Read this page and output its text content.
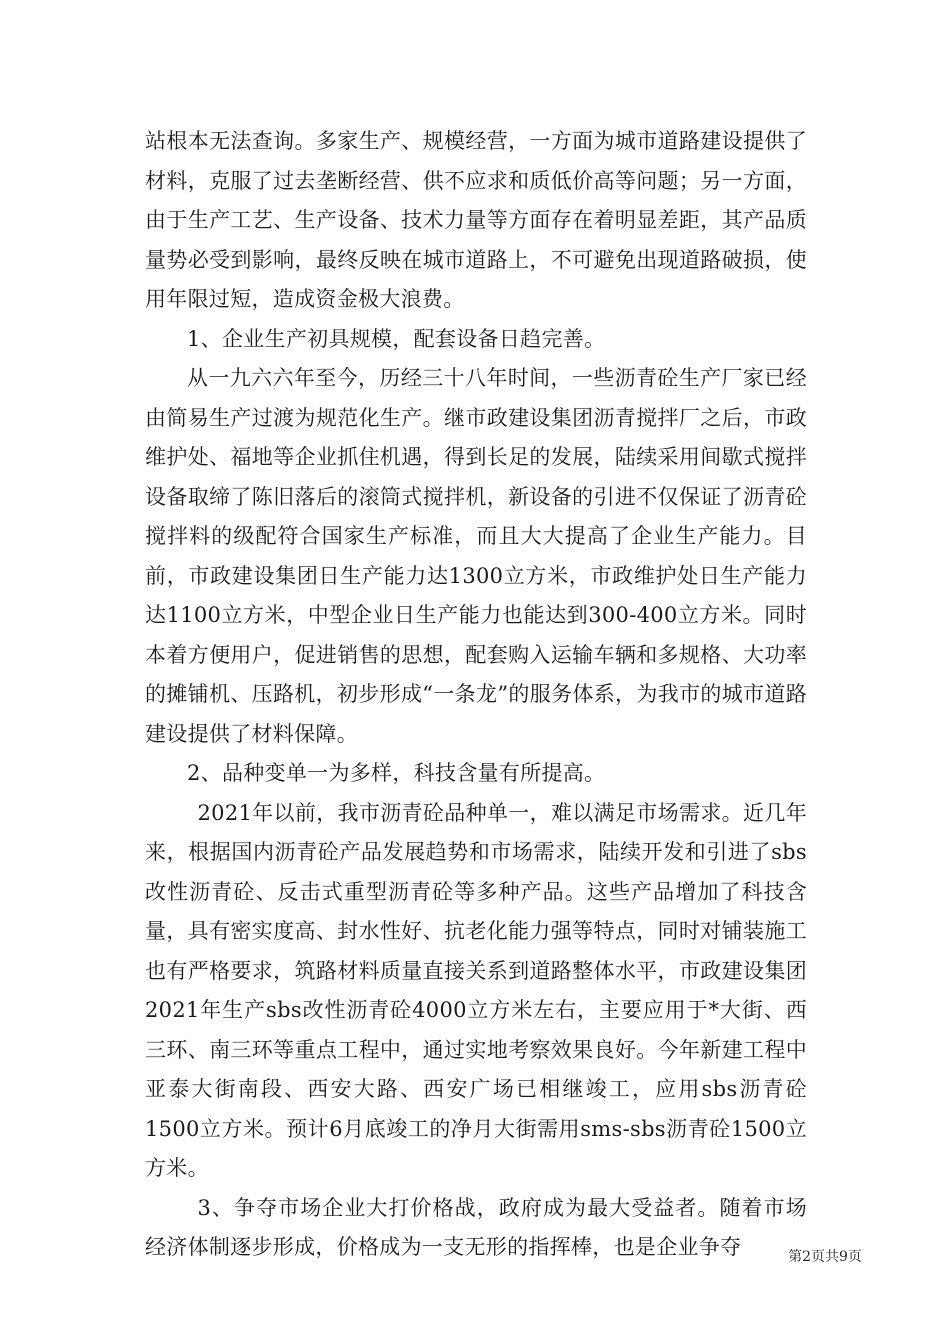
站根本无法查询。多家生产、规模经营，一方面为城市道路建设提供了材料，克服了过去垄断经营、供不应求和质低价高等问题；另一方面，由于生产工艺、生产设备、技术力量等方面存在着明显差距，其产品质量势必受到影响，最终反映在城市道路上，不可避免出现道路破损，使用年限过短，造成资金极大浪费。

1、企业生产初具规模，配套设备日趋完善。

从一九六六年至今，历经三十八年时间，一些沥青砼生产厂家已经由简易生产过渡为规范化生产。继市政建设集团沥青搅拌厂之后，市政维护处、福地等企业抓住机遇，得到长足的发展，陆续采用间歇式搅拌设备取缔了陈旧落后的滚筒式搅拌机，新设备的引进不仅保证了沥青砼搅拌料的级配符合国家生产标准，而且大大提高了企业生产能力。目前，市政建设集团日生产能力达1300立方米，市政维护处日生产能力达1100立方米，中型企业日生产能力也能达到300-400立方米。同时本着方便用户，促进销售的思想，配套购入运输车辆和多规格、大功率的摊铺机、压路机，初步形成“一条龙”的服务体系，为我市的城市道路建设提供了材料保障。

2、品种变单一为多样，科技含量有所提高。

2021年以前，我市沥青砼品种单一，难以满足市场需求。近几年来，根据国内沥青砼产品发展趋势和市场需求，陆续开发和引进了sbs改性沥青砼、反击式重型沥青砼等多种产品。这些产品增加了科技含量，具有密实度高、封水性好、抗老化能力强等特点，同时对铺装施工也有严格要求，筑路材料质量直接关系到道路整体水平，市政建设集团2021年生产sbs改性沥青砼4000立方米左右，主要应用于*大街、西三环、南三环等重点工程中，通过实地考察效果良好。今年新建工程中亚泰大街南段、西安大路、西安广场已相继竣工，应用sbs沥青砼1500立方米。预计6月底竣工的净月大街需用sms-sbs沥青砼1500立方米。

3、争夺市场企业大打价格战，政府成为最大受益者。随着市场经济体制逐步形成，价格成为一支无形的指挥棒，也是企业争夺	第2页共9页
